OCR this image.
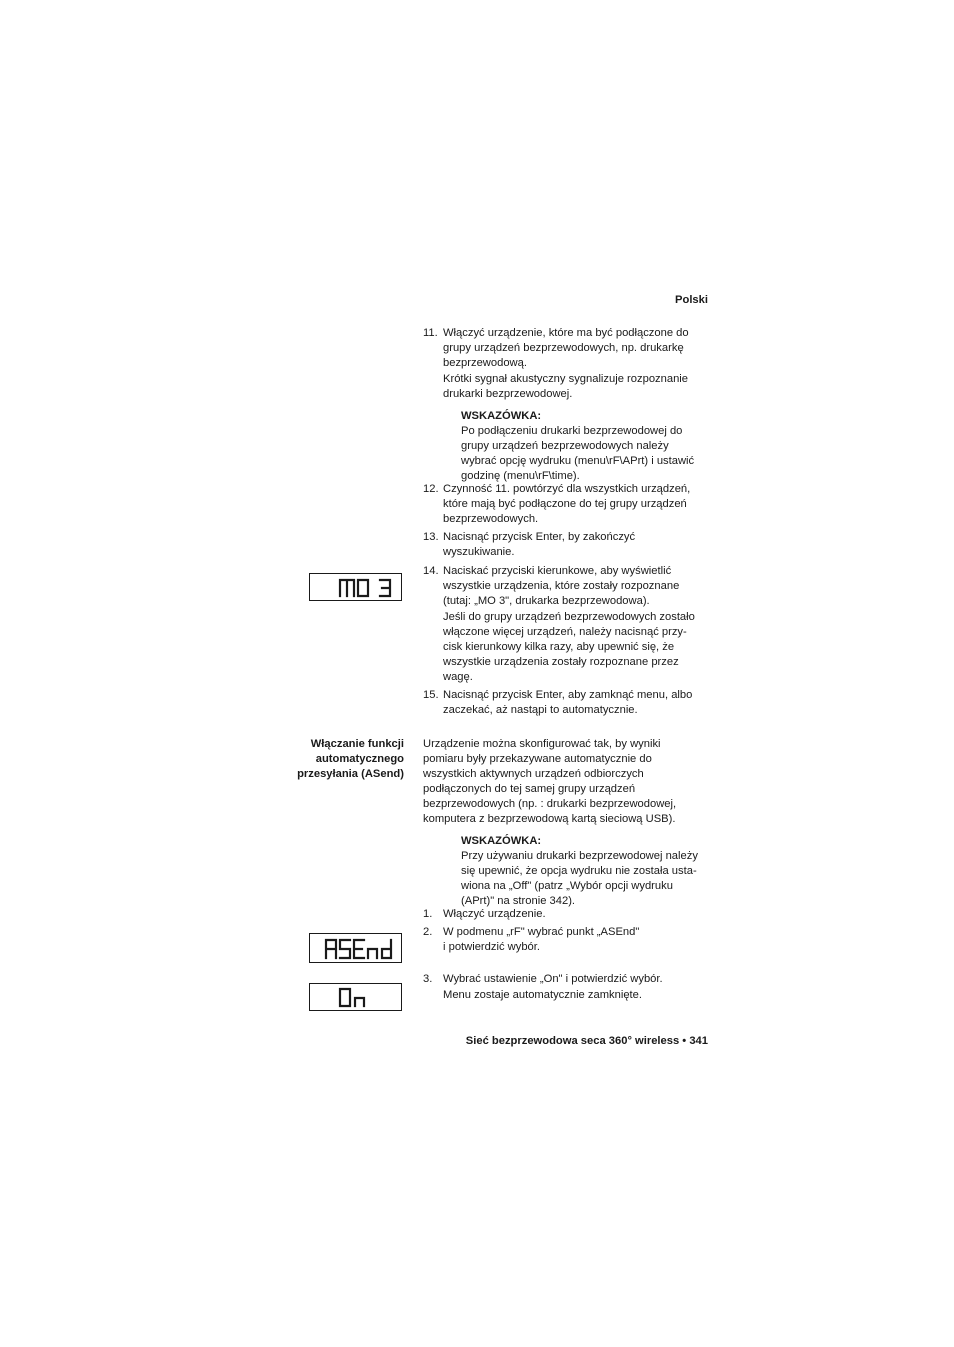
Polski
11. Włączyć urządzenie, które ma być podłączone do

grupy urządzeń bezprzewodowych, np. drukarkę

bezprzewodową.

Krótki sygnał akustyczny sygnalizuje rozpoznanie

drukarki bezprzewodowej.

WSKAZÓWKA:
Po podłączeniu drukarki bezprzewodowej do
grupy urządzeń bezprzewodowych należy
wybrać opcję wydruku (menu\rF\APrt) i ustawić
godzinę (menu\rF\time).
12. Czynność 11. powtórzyć dla wszystkich urządzeń,

które mają być podłączone do tej grupy urządzeń

bezprzewodowych.

13. Nacisnąć przycisk Enter, by zakończyć

wyszukiwanie.

14. Naciskać przyciski kierunkowe, aby wyświetlić

wszystkie urządzenia, które zostały rozpoznane

(tutaj: „MO 3", drukarka bezprzewodowa).

Jeśli do grupy urządzeń bezprzewodowych zostało

włączone więcej urządzeń, należy nacisnąć przy-

cisk kierunkowy kilka razy, aby upewnić się, że

wszystkie urządzenia zostały rozpoznane przez

wagę.

15. Nacisnąć przycisk Enter, aby zamknąć menu, albo

zaczekać, aż nastąpi to automatycznie.

Włączanie funkcji
automatycznego
przesyłania (ASend)

Urządzenie można skonfigurować tak, by wyniki

pomiaru były przekazywane automatycznie do

wszystkich aktywnych urządzeń odbiorczych

podłączonych do tej samej grupy urządzeń

bezprzewodowych (np. : drukarki bezprzewodowej,

komputera z bezprzewodową kartą sieciową USB).

WSKAZÓWKA:
Przy używaniu drukarki bezprzewodowej należy
się upewnić, że opcja wydruku nie została usta-
wiona na „Off" (patrz „Wybór opcji wydruku
(APrt)" na stronie 342).
1. Włączyć urządzenie.

2. W podmenu „rF" wybrać punkt „ASEnd"

i potwierdzić wybór.

3. Wybrać ustawienie „On" i potwierdzić wybór.

Menu zostaje automatycznie zamknięte.

Sieć bezprzewodowa seca 360° wireless • 341
